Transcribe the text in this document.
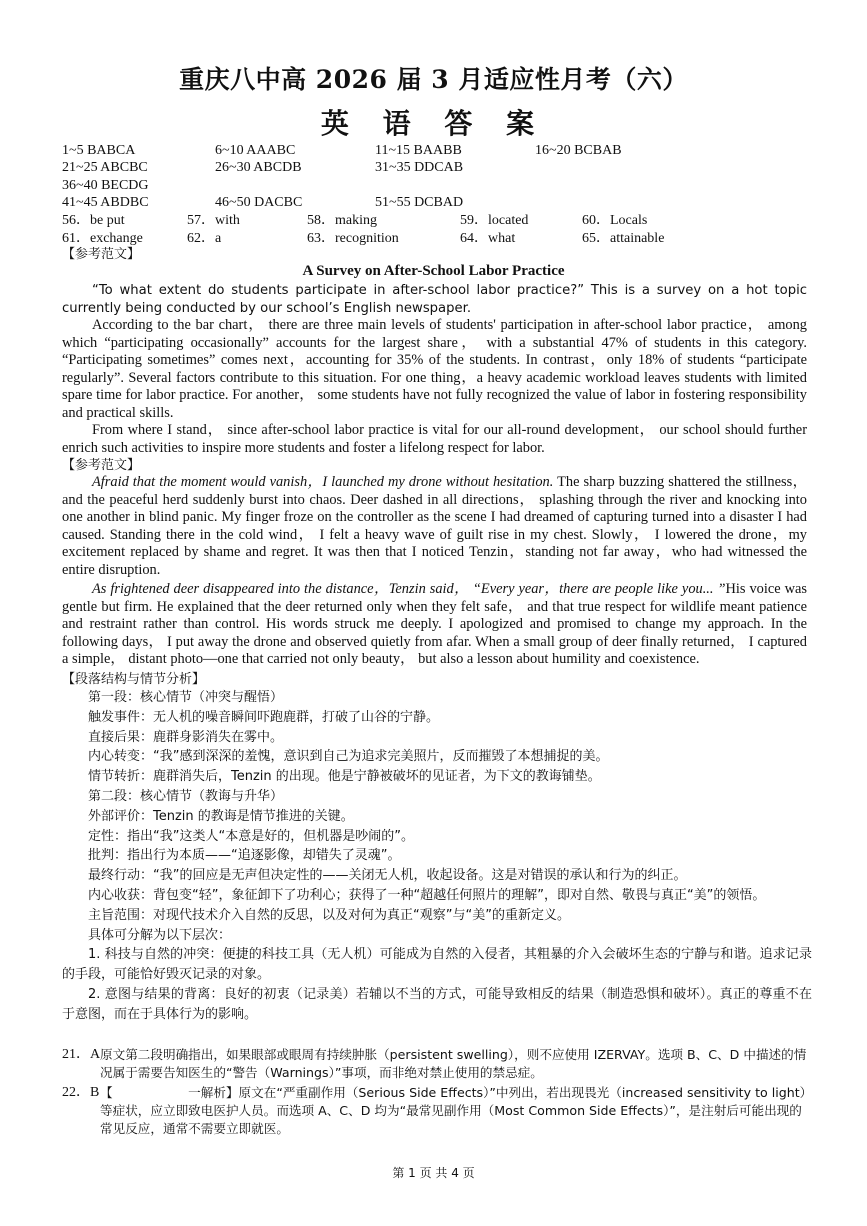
重庆八中高 2026 届 3 月适应性月考（六）
英 语 答 案
1~5 BABCA	6~10 AAABC	11~15 BAABB	16~20 BCBAB
21~25 ABCBC	26~30 ABCDB	31~35 DDCAB
36~40 BECDG
41~45 ABDBC	46~50 DACBC	51~55 DCBAD
56．be put	57．with	58．making	59．located	60．Locals
61．exchange	62．a	63．recognition	64．what	65．attainable
【参考范文】
A Survey on After-School Labor Practice
“To what extent do students participate in after-school labor practice?” This is a survey on a hot topic currently being conducted by our school’s English newspaper.
According to the bar chart， there are three main levels of students' participation in after-school labor practice， among which “participating occasionally” accounts for the largest share， with a substantial 47% of students in this category. “Participating sometimes” comes next，accounting for 35% of the students. In contrast，only 18% of students “participate regularly”. Several factors contribute to this situation. For one thing，a heavy academic workload leaves students with limited spare time for labor practice. For another， some students have not fully recognized the value of labor in fostering responsibility and practical skills.
From where I stand， since after-school labor practice is vital for our all-round development， our school should further enrich such activities to inspire more students and foster a lifelong respect for labor.
【参考范文】
Afraid that the moment would vanish，I launched my drone without hesitation. The sharp buzzing shattered the stillness， and the peaceful herd suddenly burst into chaos. Deer dashed in all directions， splashing through the river and knocking into one another in blind panic. My finger froze on the controller as the scene I had dreamed of capturing turned into a disaster I had caused. Standing there in the cold wind， I felt a heavy wave of guilt rise in my chest. Slowly， I lowered the drone，my excitement replaced by shame and regret. It was then that I noticed Tenzin，standing not far away，who had witnessed the entire disruption.
As frightened deer disappeared into the distance，Tenzin said， “Every year，there are people like you... ”His voice was gentle but firm. He explained that the deer returned only when they felt safe， and that true respect for wildlife meant patience and restraint rather than control. His words struck me deeply. I apologized and promised to change my approach. In the following days， I put away the drone and observed quietly from afar. When a small group of deer finally returned， I captured a simple， distant photo—one that carried not only beauty， but also a lesson about humility and coexistence.
【段落结构与情节分析】
第一段：核心情节（冲突与醒悟）
触发事件：无人机的噪音瞬间吓跑鹿群，打破了山谷的宁静。
直接后果：鹿群身影消失在雾中。
内心转变：“我”感到深深的羞愧，意识到自己为追求完美照片，反而摧毁了本想捕捉的美。
情节转折：鹿群消失后，Tenzin 的出现。他是宁静被破坏的见证者，为下文的教诲铺垫。
第二段：核心情节（教诲与升华）
外部评价：Tenzin 的教诲是情节推进的关键。
定性：指出“我”这类人“本意是好的，但机器是吵闹的”。
批判：指出行为本质——“追逐影像，却错失了灵魂”。
最终行动：“我”的回应是无声但决定性的——关闭无人机，收起设备。这是对错误的承认和行为的纠正。
内心收获：背包变“轻”，象征卸下了功利心；获得了一种“超越任何照片的理解”，即对自然、敬畏与真正“美”的领悟。
主旨范围：对现代技术介入自然的反思，以及对何为真正“观察”与“美”的重新定义。
具体可分解为以下层次：
1. 科技与自然的冲突：便捷的科技工具（无人机）可能成为自然的入侵者，其粗暴的介入会破坏生态的宁静与和谐。追求记录的手段，可能恰好毁灭记录的对象。
2. 意图与结果的背离：良好的初衷（记录美）若辅以不当的方式，可能导致相反的结果（制造恐惧和破坏）。真正的尊重不在于意图，而在于具体行为的影响。
21．A 原文第二段明确指出，如果眼部或眼周有持续肿胀（persistent swelling），则不应使用 IZERVAY。选项 B、C、D 中描述的情况属于需要告知医生的“警告（Warnings）”事项，而非绝对禁止使用的禁忌症。
22．B 【　　　　　　一解析】原文在“严重副作用（Serious Side Effects）”中列出，若出现畏光（increased sensitivity to light）等症状，应立即致电医护人员。而选项 A、C、D 均为“最常见副作用（Most Common Side Effects）”，是注射后可能出现的常见反应，通常不需要立即就医。
第 1 页 共 4 页
